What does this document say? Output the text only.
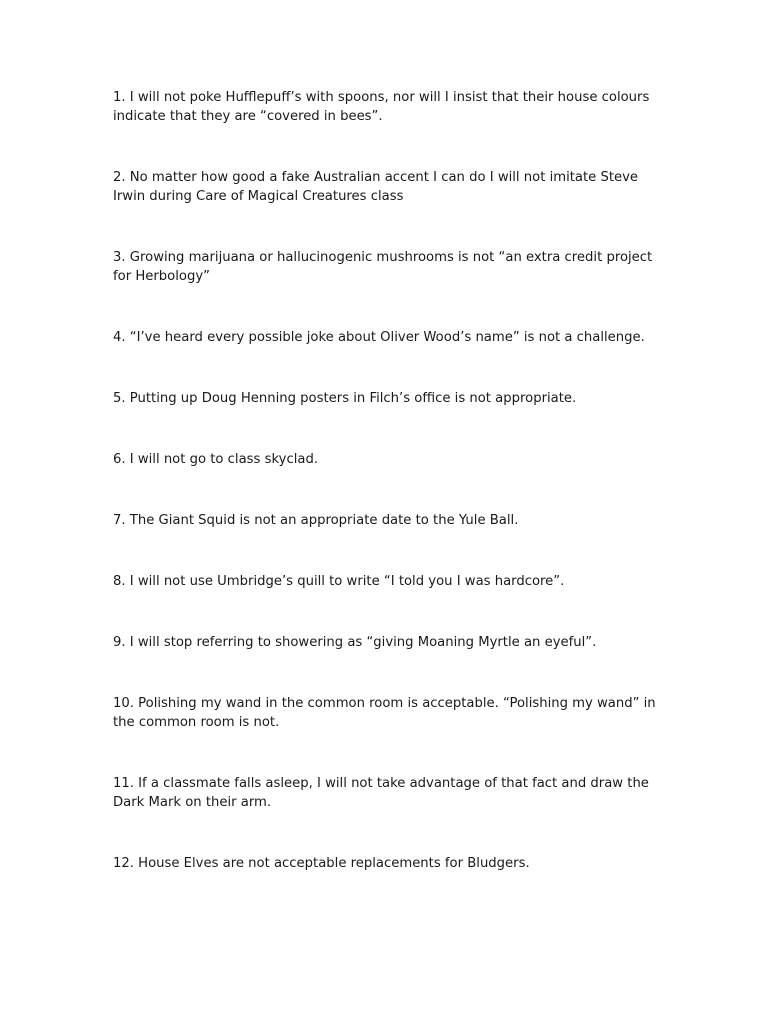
1. I will not poke Hufflepuff’s with spoons, nor will I insist that their house colours indicate that they are “covered in bees”.

2. No matter how good a fake Australian accent I can do I will not imitate Steve Irwin during Care of Magical Creatures class

3. Growing marijuana or hallucinogenic mushrooms is not “an extra credit project for Herbology”

4. “I’ve heard every possible joke about Oliver Wood’s name” is not a challenge.

5. Putting up Doug Henning posters in Filch’s office is not appropriate.

6. I will not go to class skyclad.

7. The Giant Squid is not an appropriate date to the Yule Ball.

8. I will not use Umbridge’s quill to write “I told you I was hardcore”.

9. I will stop referring to showering as “giving Moaning Myrtle an eyeful”.

10. Polishing my wand in the common room is acceptable. “Polishing my wand” in the common room is not.

11. If a classmate falls asleep, I will not take advantage of that fact and draw the Dark Mark on their arm.

12. House Elves are not acceptable replacements for Bludgers.
